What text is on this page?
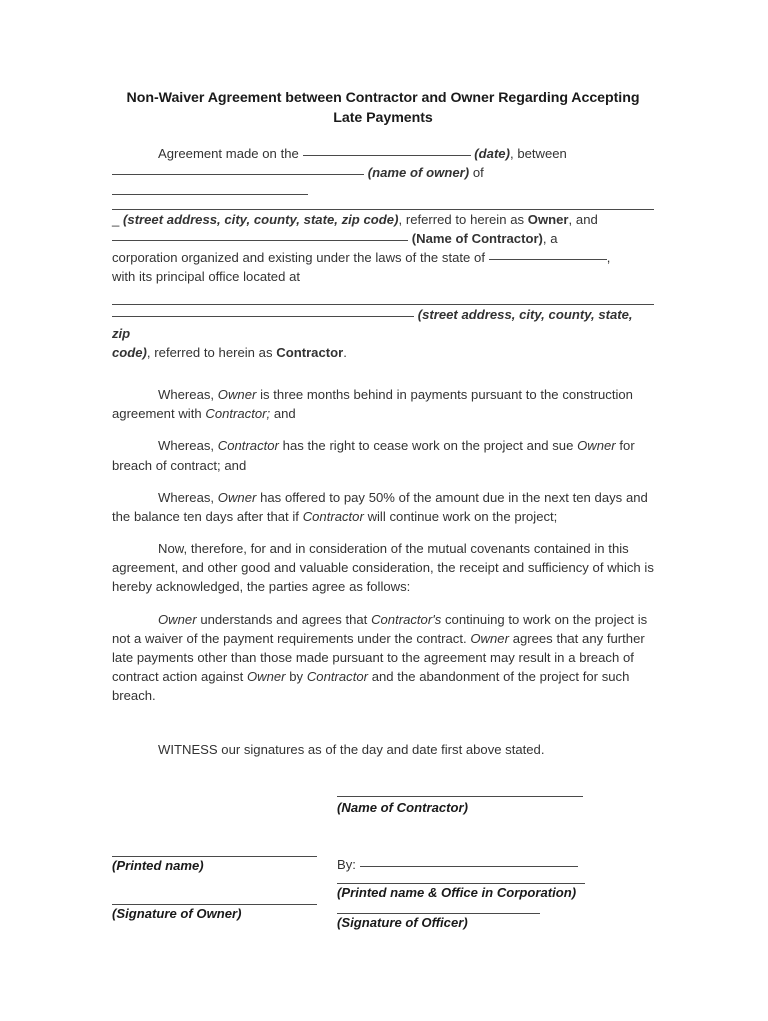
Non-Waiver Agreement between Contractor and Owner Regarding Accepting Late Payments

Agreement made on the	(date), between

(name of owner) of

_ (street address, city, county, state, zip code), referred to herein as Owner, and

(Name of Contractor), a

corporation organized and existing under the laws of the state of	,

with its principal office located at

(street address, city, county, state, zip

code), referred to herein as Contractor.

Whereas, Owner is three months behind in payments pursuant to the construction agreement with Contractor; and

Whereas, Contractor has the right to cease work on the project and sue Owner for breach of contract; and

Whereas, Owner has offered to pay 50% of the amount due in the next ten days and the balance ten days after that if Contractor will continue work on the project;

Now, therefore, for and in consideration of the mutual covenants contained in this agreement, and other good and valuable consideration, the receipt and sufficiency of which is hereby acknowledged, the parties agree as follows:

Owner understands and agrees that Contractor's continuing to work on the project is not a waiver of the payment requirements under the contract. Owner agrees that any further late payments other than those made pursuant to the agreement may result in a breach of contract action against Owner by Contractor and the abandonment of the project for such breach.

WITNESS our signatures as of the day and date first above stated.

(Name of Contractor)
(Printed name)
(Signature of Owner)
By:
(Printed name & Office in Corporation)
(Signature of Officer)
